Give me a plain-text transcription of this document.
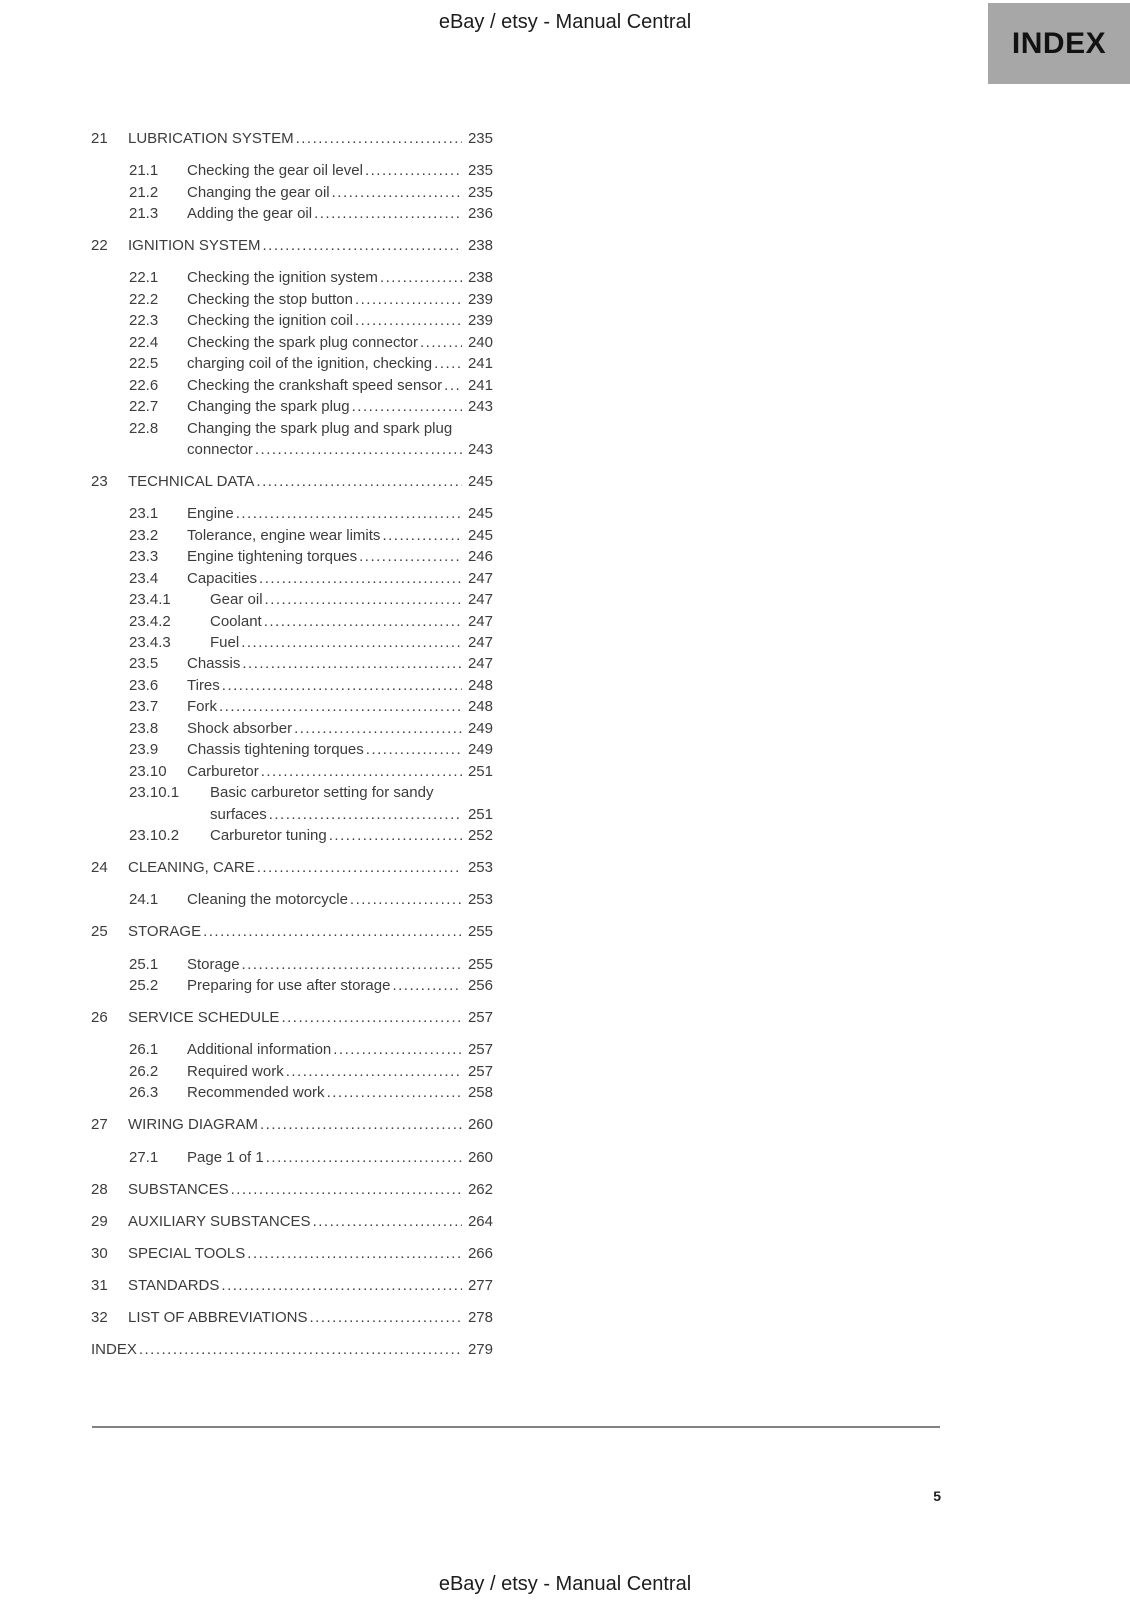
eBay / etsy - Manual Central
INDEX
21	LUBRICATION SYSTEM .....	235
21.1	Checking the gear oil level .....	235
21.2	Changing the gear oil .....	235
21.3	Adding the gear oil .....	236
22	IGNITION SYSTEM .....	238
22.1	Checking the ignition system .....	238
22.2	Checking the stop button .....	239
22.3	Checking the ignition coil .....	239
22.4	Checking the spark plug connector .....	240
22.5	charging coil of the ignition, checking .....	241
22.6	Checking the crankshaft speed sensor .....	241
22.7	Changing the spark plug .....	243
22.8	Changing the spark plug and spark plug
connector .....	243
23	TECHNICAL DATA .....	245
23.1	Engine .....	245
23.2	Tolerance, engine wear limits .....	245
23.3	Engine tightening torques .....	246
23.4	Capacities .....	247
23.4.1	Gear oil .....	247
23.4.2	Coolant .....	247
23.4.3	Fuel .....	247
23.5	Chassis .....	247
23.6	Tires .....	248
23.7	Fork .....	248
23.8	Shock absorber .....	249
23.9	Chassis tightening torques .....	249
23.10	Carburetor .....	251
23.10.1	Basic carburetor setting for sandy
surfaces .....	251
23.10.2	Carburetor tuning .....	252
24	CLEANING, CARE .....	253
24.1	Cleaning the motorcycle .....	253
25	STORAGE .....	255
25.1	Storage .....	255
25.2	Preparing for use after storage .....	256
26	SERVICE SCHEDULE .....	257
26.1	Additional information .....	257
26.2	Required work .....	257
26.3	Recommended work .....	258
27	WIRING DIAGRAM .....	260
27.1	Page 1 of 1 .....	260
28	SUBSTANCES .....	262
29	AUXILIARY SUBSTANCES .....	264
30	SPECIAL TOOLS .....	266
31	STANDARDS .....	277
32	LIST OF ABBREVIATIONS .....	278
INDEX .....	279
5
eBay / etsy - Manual Central
